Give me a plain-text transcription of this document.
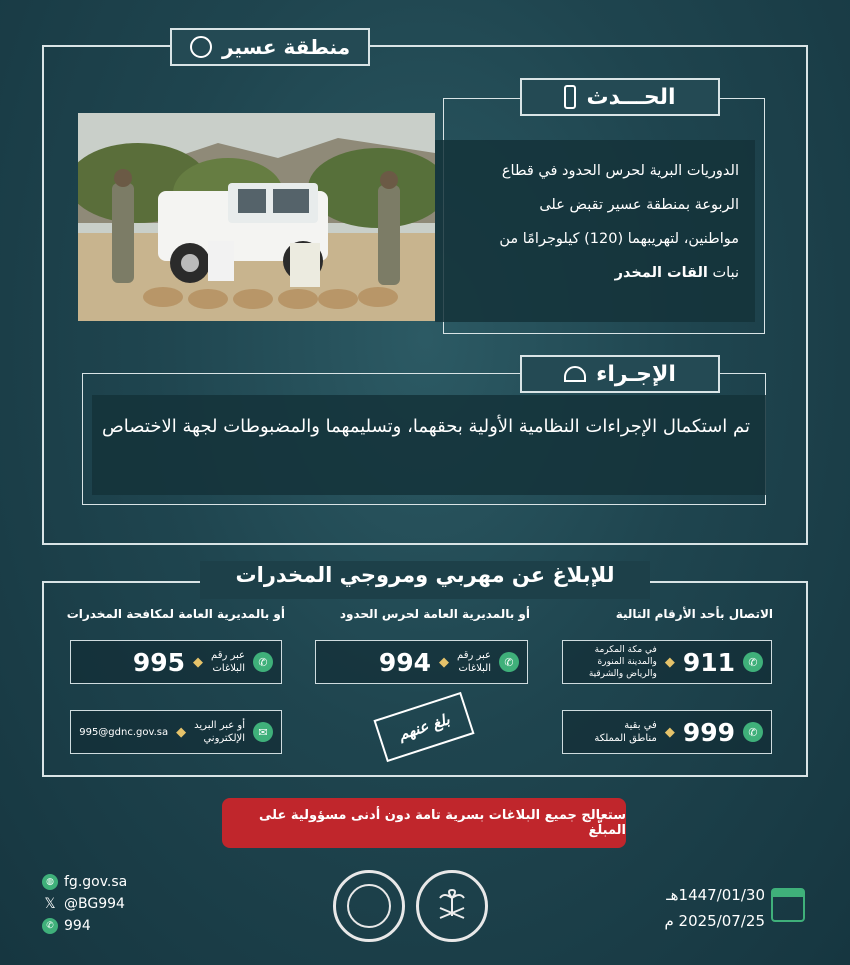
منطقة عسير
الحـــدث
الدوريات البرية لحرس الحدود في قطاع
الربوعة بمنطقة عسير تقبض على
مواطنين، لتهريبهما (120) كيلوجرامًا من
نبات القات المخدر
الإجـراء
تم استكمال الإجراءات النظامية الأولية بحقهما، وتسليمهما والمضبوطات لجهة الاختصاص
للإبلاغ عن مهربي ومروجي المخدرات
الاتصال بأحد الأرقام التالية
أو بالمديرية العامة لحرس الحدود
أو بالمديرية العامة لمكافحة المخدرات
✆
911
◆
في مكة المكرمة
والمدينة المنورة
والرياض والشرقية
✆
999
◆
في بقية
مناطق المملكة
✆
عبر رقم
البلاغات
◆
994
بلغ عنهم
✆
عبر رقم
البلاغات
◆
995
✉
أو عبر البريد
الإلكتروني
◆
995@gdnc.gov.sa
ستعالج جميع البلاغات بسرية تامة دون أدنى مسؤولية على المبلّغ
◍ fg.gov.sa
𝕏 @BG994
✆ 994
1447/01/30هـ
2025/07/25 م
